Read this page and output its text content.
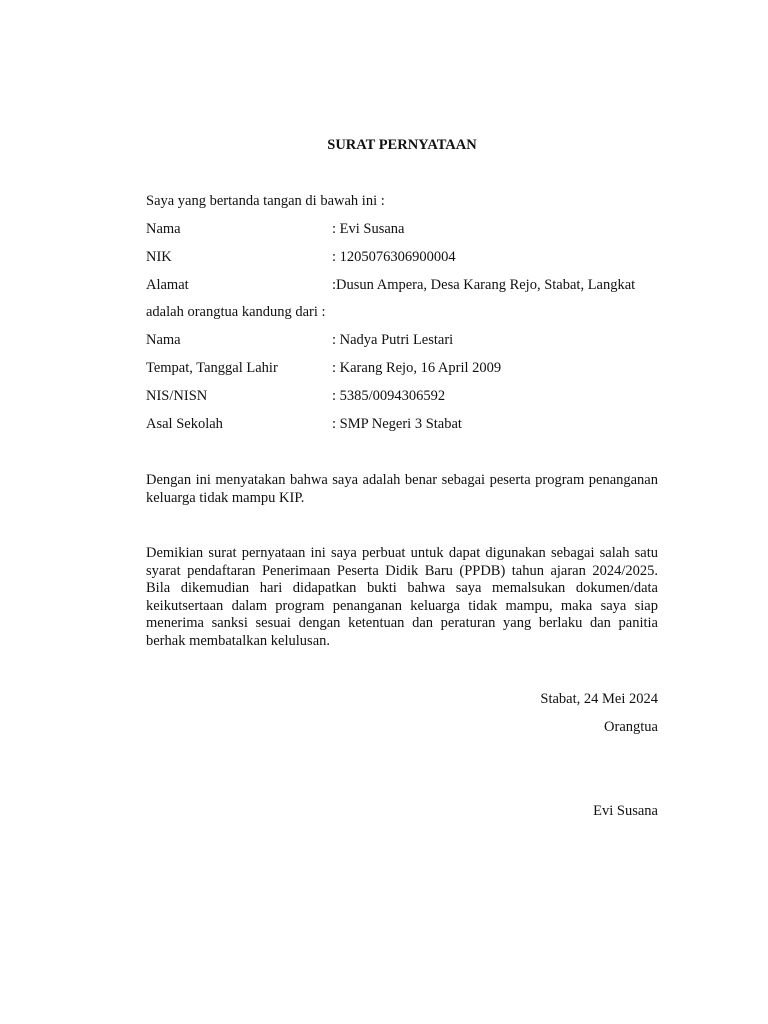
SURAT PERNYATAAN
Saya yang bertanda tangan di bawah ini :
Nama	: Evi Susana
NIK	: 1205076306900004
Alamat	:Dusun Ampera, Desa Karang Rejo, Stabat, Langkat
adalah orangtua kandung dari :
Nama	: Nadya Putri Lestari
Tempat, Tanggal Lahir	: Karang Rejo, 16 April 2009
NIS/NISN	: 5385/0094306592
Asal Sekolah	: SMP Negeri 3 Stabat
Dengan ini menyatakan bahwa saya adalah benar sebagai peserta program penanganan keluarga tidak mampu KIP.
Demikian surat pernyataan ini saya perbuat untuk dapat digunakan sebagai salah satu syarat pendaftaran Penerimaan Peserta Didik Baru (PPDB) tahun ajaran 2024/2025. Bila dikemudian hari didapatkan bukti bahwa saya memalsukan dokumen/data keikutsertaan dalam program penanganan keluarga tidak mampu, maka saya siap menerima sanksi sesuai dengan ketentuan dan peraturan yang berlaku dan panitia berhak membatalkan kelulusan.
Stabat, 24 Mei 2024
Orangtua
Evi Susana
